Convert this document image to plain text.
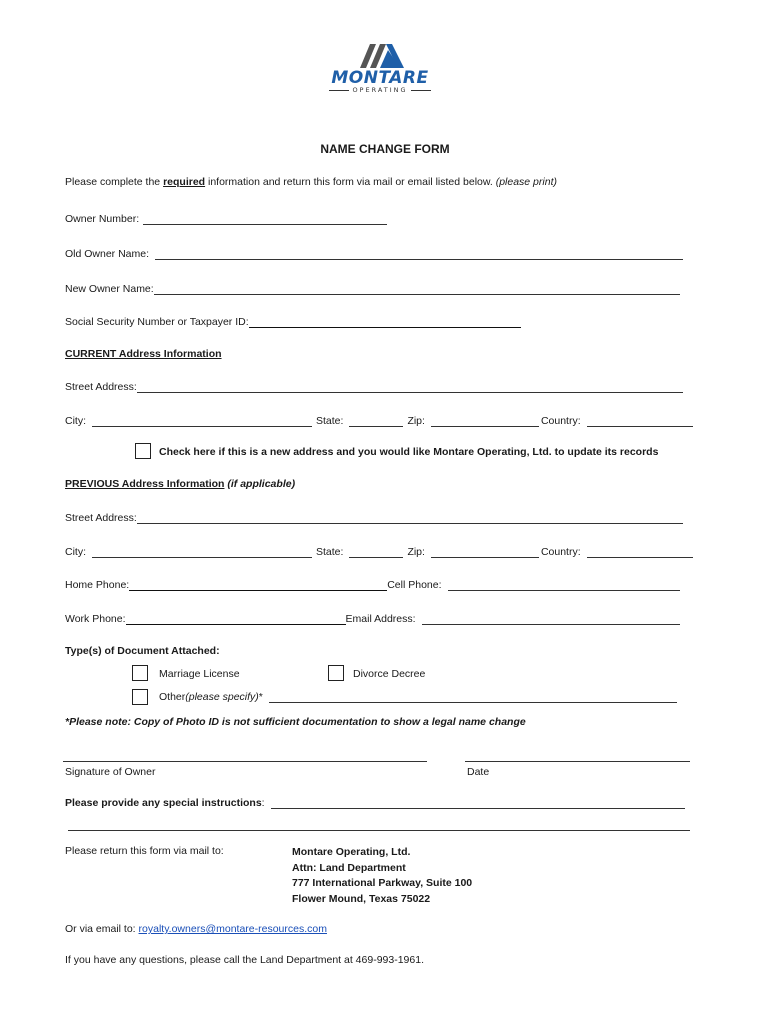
MONTARE
OPERATING
NAME CHANGE FORM
Please complete the required information and return this form via mail or email listed below. (please print)
Owner Number:
Old Owner Name:
New Owner Name:
Social Security Number or Taxpayer ID:
CURRENT Address Information
Street Address:
City:	State:	Zip:	Country:
Check here if this is a new address and you would like Montare Operating, Ltd. to update its records
PREVIOUS Address Information (if applicable)
Street Address:
City:	State:	Zip:	Country:
Home Phone:	Cell Phone:
Work Phone:	Email Address:
Type(s) of Document Attached:
Marriage License	Divorce Decree
Other (please specify) *
*Please note: Copy of Photo ID is not sufficient documentation to show a legal name change
Signature of Owner	Date
Please provide any special instructions :
Please return this form via mail to:	Montare Operating, Ltd.
Attn: Land Department
777 International Parkway, Suite 100
Flower Mound, Texas 75022
Or via email to: royalty.owners@montare-resources.com
If you have any questions, please call the Land Department at 469-993-1961.
